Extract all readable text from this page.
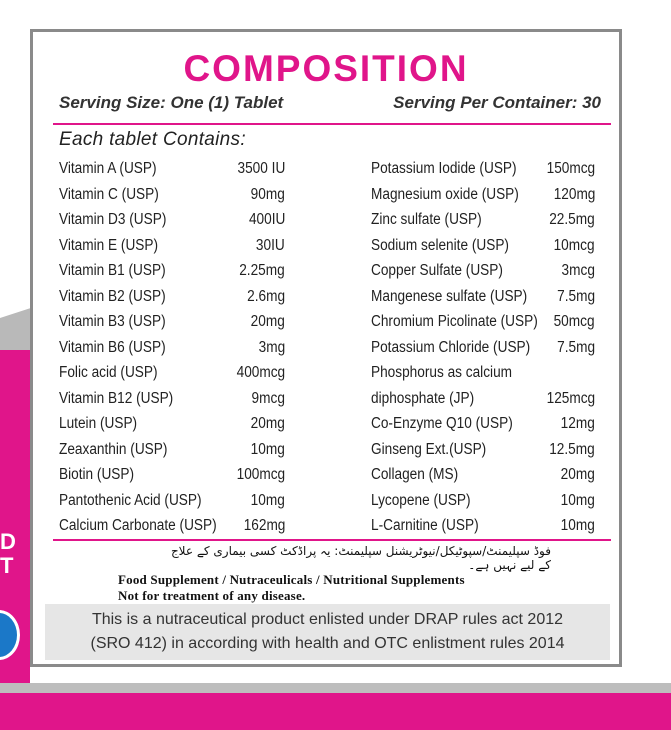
D
T
COMPOSITION
Serving Size: One (1) Tablet	Serving Per Container: 30
Each tablet Contains:
Vitamin A (USP)	3500 IU
Vitamin C (USP)	90mg
Vitamin D3 (USP)	400IU
Vitamin E (USP)	30IU
Vitamin B1 (USP)	2.25mg
Vitamin B2 (USP)	2.6mg
Vitamin B3 (USP)	20mg
Vitamin B6 (USP)	3mg
Folic acid (USP)	400mcg
Vitamin B12 (USP)	9mcg
Lutein (USP)	20mg
Zeaxanthin (USP)	10mg
Biotin (USP)	100mcg
Pantothenic Acid (USP)	10mg
Calcium Carbonate (USP) 162mg
Potassium Iodide (USP) 150mcg
Magnesium oxide (USP) 120mg
Zinc sulfate (USP)	22.5mg
Sodium selenite (USP)	10mcg
Copper Sulfate (USP)	3mcg
Mangenese sulfate (USP) 7.5mg
Chromium Picolinate (USP) 50mcg
Potassium Chloride (USP) 7.5mg
Phosphorus as calcium
diphosphate (JP)	125mcg
Co-Enzyme Q10 (USP)	12mg
Ginseng Ext.(USP)	12.5mg
Collagen (MS)	20mg
Lycopene (USP)	10mg
L-Carnitine (USP)	10mg
فوڈ سپلیمنٹ/سپوٹیکل/نیوٹریشنل سپلیمنٹ: یہ پراڈکٹ کسی بیماری کے علاج کے لیے نہیں ہے۔
Food Supplement / Nutraceulicals / Nutritional Supplements
Not for treatment of any disease.
This is a nutraceutical product enlisted under DRAP rules act 2012
(SRO 412) in according with health and OTC enlistment rules 2014
